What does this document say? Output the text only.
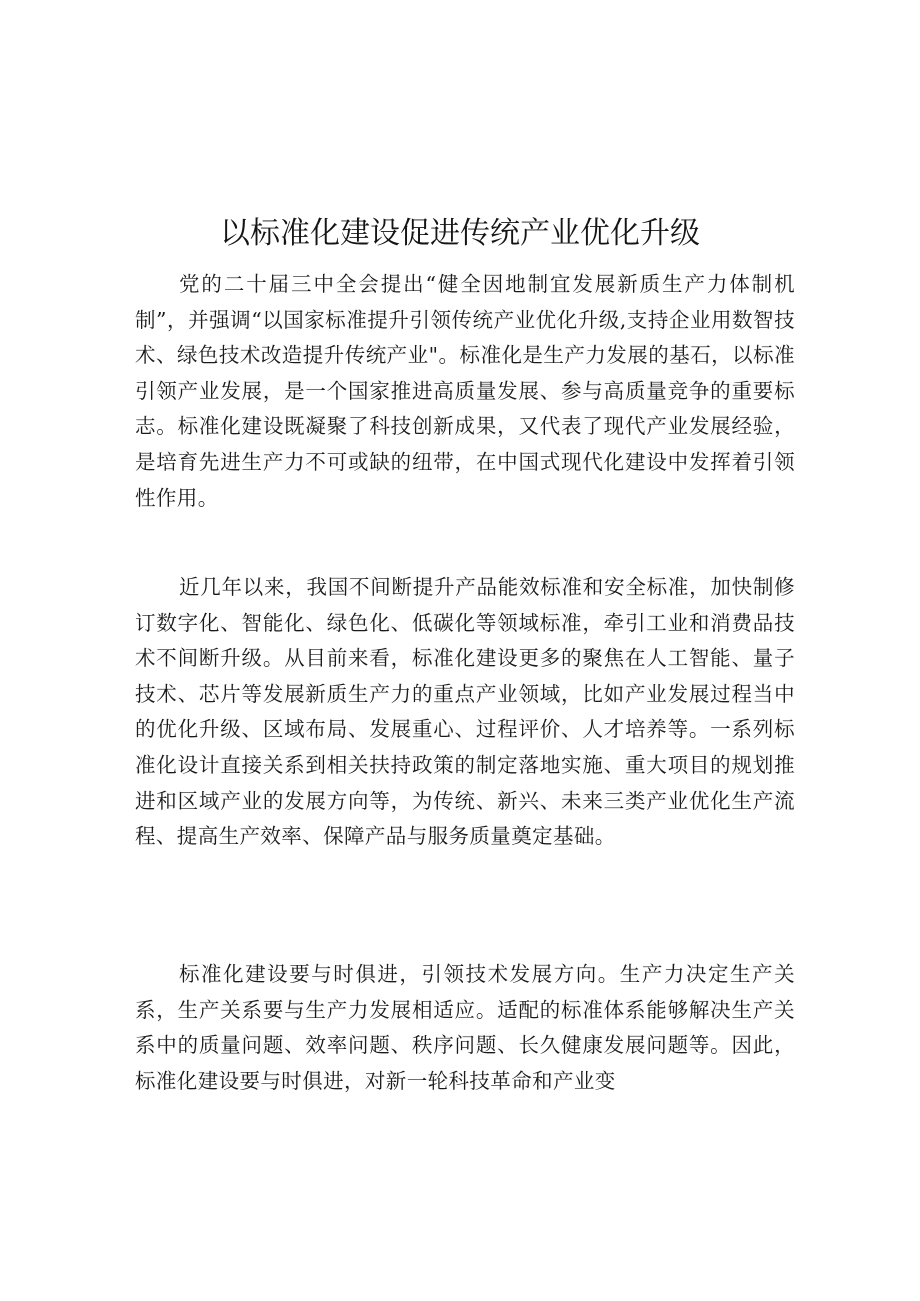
以标准化建设促进传统产业优化升级

党的二十届三中全会提出“健全因地制宜发展新质生产力体制机制”，并强调“以国家标准提升引领传统产业优化升级,支持企业用数智技术、绿色技术改造提升传统产业"。标准化是生产力发展的基石，以标准引领产业发展，是一个国家推进高质量发展、参与高质量竞争的重要标志。标准化建设既凝聚了科技创新成果，又代表了现代产业发展经验，是培育先进生产力不可或缺的纽带，在中国式现代化建设中发挥着引领性作用。

近几年以来，我国不间断提升产品能效标准和安全标准，加快制修订数字化、智能化、绿色化、低碳化等领域标准，牵引工业和消费品技术不间断升级。从目前来看，标准化建设更多的聚焦在人工智能、量子技术、芯片等发展新质生产力的重点产业领域，比如产业发展过程当中的优化升级、区域布局、发展重心、过程评价、人才培养等。一系列标准化设计直接关系到相关扶持政策的制定落地实施、重大项目的规划推进和区域产业的发展方向等，为传统、新兴、未来三类产业优化生产流程、提高生产效率、保障产品与服务质量奠定基础。

标准化建设要与时俱进，引领技术发展方向。生产力决定生产关系，生产关系要与生产力发展相适应。适配的标准体系能够解决生产关系中的质量问题、效率问题、秩序问题、长久健康发展问题等。因此，标准化建设要与时俱进，对新一轮科技革命和产业变
